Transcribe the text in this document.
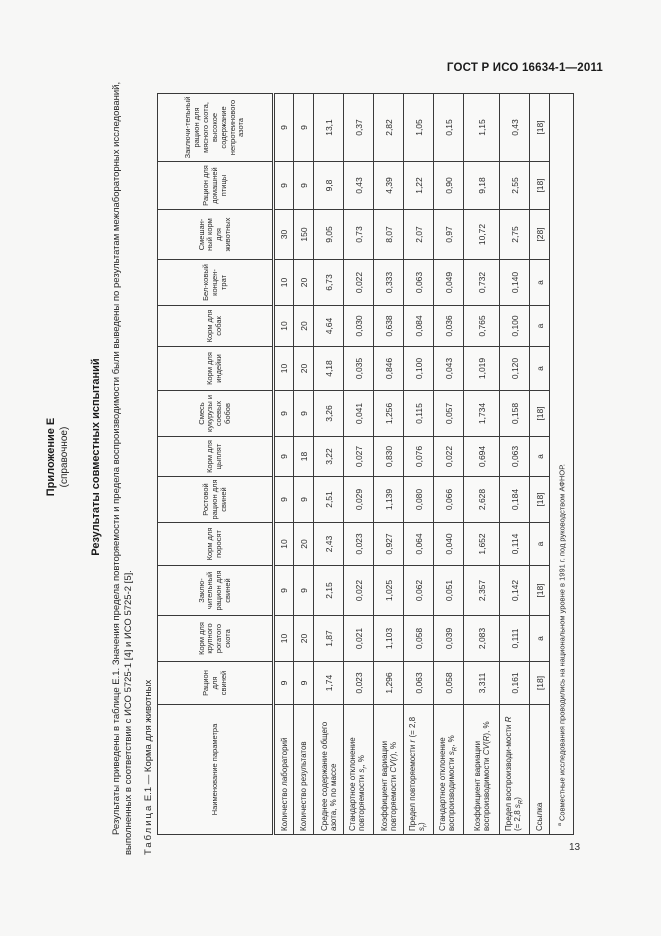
ГОСТ Р ИСО 16634-1—2011

Приложение Е (справочное) Результаты совместных испытаний Результаты приведены в таблице Е.1. Значения предела повторяемости и предела воспроизводимости были выведены по результатам межлабораторных исследований, выполненных в соответствии с ИСО 5725-1 [4] и ИСО 5725-2 [5]. Таблица Е.1 — Корма для животных	Наименование параметра	Рацион для свиней	Корм для крупного рогатого скота	Заклю-чительный рацион для свиней	Корм для поросят	Ростовой рацион для свиней	Корм для цыплят	Смесь кукурузы и соевых бобов	Корм для индейки	Корм для собак	Бел-ковый концен-трат	Смешан-ный корм для животных	Рацион для домашней птицы	Заключи-тельный рацион для мясного скота, высокое содержание непротеинового азота
Количество лабораторий	9	10	9	10	9	9	9	10	10	10	30	9	9
Количество результатов	9	20	9	20	9	18	9	20	20	20	150	9	9
Среднее содержание общего азота, % по массе	1,74	1,87	2,15	2,43	2,51	3,22	3,26	4,18	4,64	6,73	9,05	9,8	13,1
Стандартное отклонение повторяемости $s_r$, %	0,023	0,021	0,022	0,023	0,029	0,027	0,041	0,035	0,030	0,022	0,73	0,43	0,37
Коэффициент вариации повторяемости CV(r), %	1,296	1,103	1,025	0,927	1,139	0,830	1,256	0,846	0,638	0,333	8,07	4,39	2,82
Предел повторяемости r (= 2,8 $s_r$)	0,063	0,058	0,062	0,064	0,080	0,076	0,115	0,100	0,084	0,063	2,07	1,22	1,05
Стандартное отклонение воспроизводимости $s_R$, %	0,058	0,039	0,051	0,040	0,066	0,022	0,057	0,043	0,036	0,049	0,97	0,90	0,15
Коэффициент вариации воспроизводимости CV(R), %	3,311	2,083	2,357	1,652	2,628	0,694	1,734	1,019	0,765	0,732	10,72	9,18	1,15
Предел воспроизводи-мости R (= 2,8 $s_R$)	0,161	0,111	0,142	0,114	0,184	0,063	0,158	0,120	0,100	0,140	2,75	2,55	0,43
Ссылка	[18]	а	[18]	а	[18]	а	[18]	а	а	а	[28]	[18]	[18]
$^а$ Совместные исследования проводились на национальном уровне в 1991 г. под руководством АФНОР.													
13
